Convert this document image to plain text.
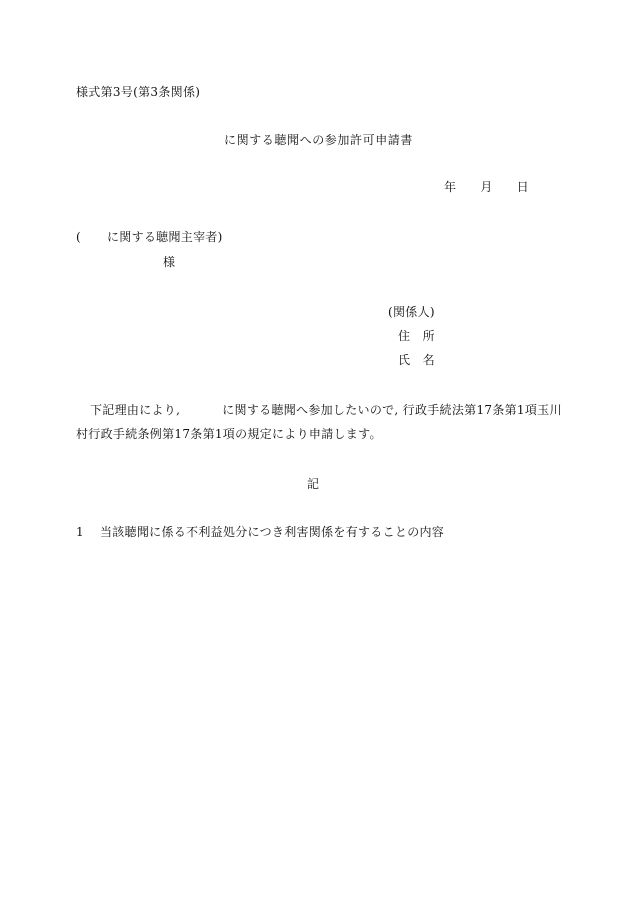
様式第3号(第3条関係)
に関する聴聞への参加許可申請書
年 月 日
( に関する聴聞主宰者)
様
(関係人)
住　所
氏　名
下記理由により,	に関する聴聞へ参加したいので, 行政手続法第17条第1項玉川
村行政手続条例第17条第1項の規定により申請します。
記
1 当該聴聞に係る不利益処分につき利害関係を有することの内容
